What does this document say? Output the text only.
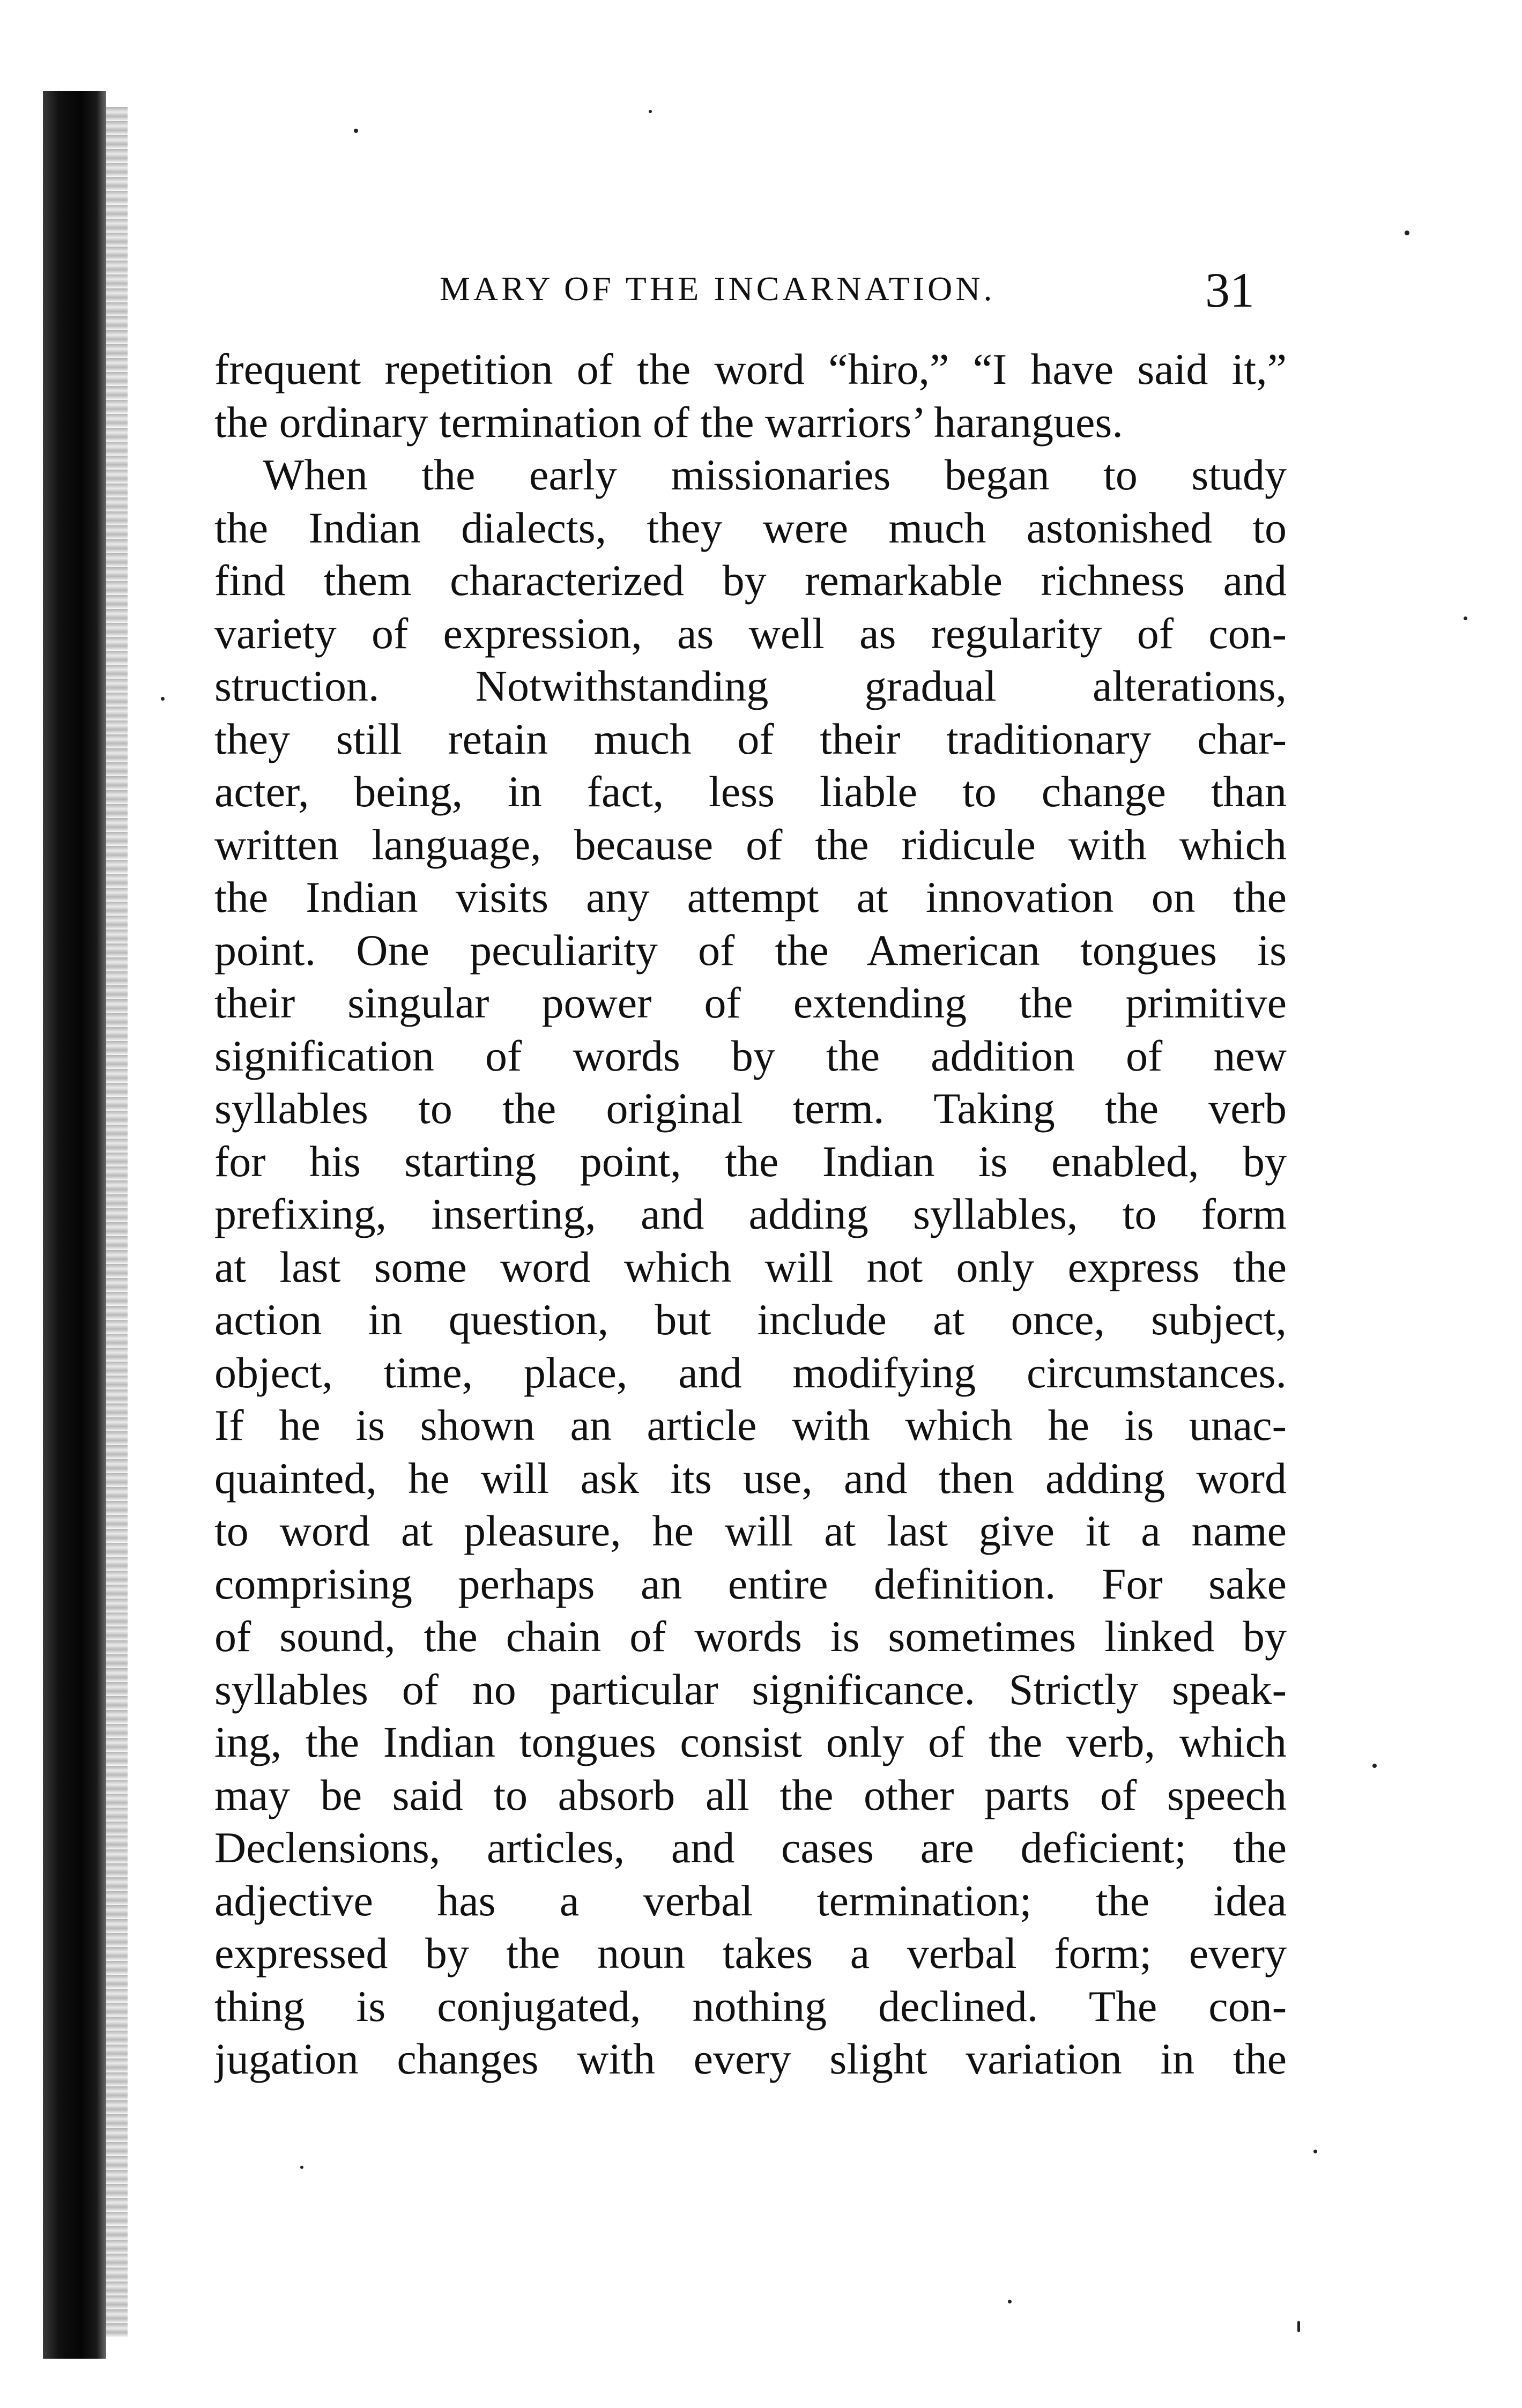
MARY OF THE INCARNATION.	31
frequent repetition of the word “hiro,” “I have said it,”
the ordinary termination of the warriors’ harangues.
When the early missionaries began to study
the Indian dialects, they were much astonished to
find them characterized by remarkable richness and
variety of expression, as well as regularity of con-
struction. Notwithstanding gradual alterations,
they still retain much of their traditionary char-
acter, being, in fact, less liable to change than
written language, because of the ridicule with which
the Indian visits any attempt at innovation on the
point. One peculiarity of the American tongues is
their singular power of extending the primitive
signification of words by the addition of new
syllables to the original term. Taking the verb
for his starting point, the Indian is enabled, by
prefixing, inserting, and adding syllables, to form
at last some word which will not only express the
action in question, but include at once, subject,
object, time, place, and modifying circumstances.
If he is shown an article with which he is unac-
quainted, he will ask its use, and then adding word
to word at pleasure, he will at last give it a name
comprising perhaps an entire definition. For sake
of sound, the chain of words is sometimes linked by
syllables of no particular significance. Strictly speak-
ing, the Indian tongues consist only of the verb, which
may be said to absorb all the other parts of speech
Declensions, articles, and cases are deficient; the
adjective has a verbal termination; the idea
expressed by the noun takes a verbal form; every
thing is conjugated, nothing declined. The con-
jugation changes with every slight variation in the
